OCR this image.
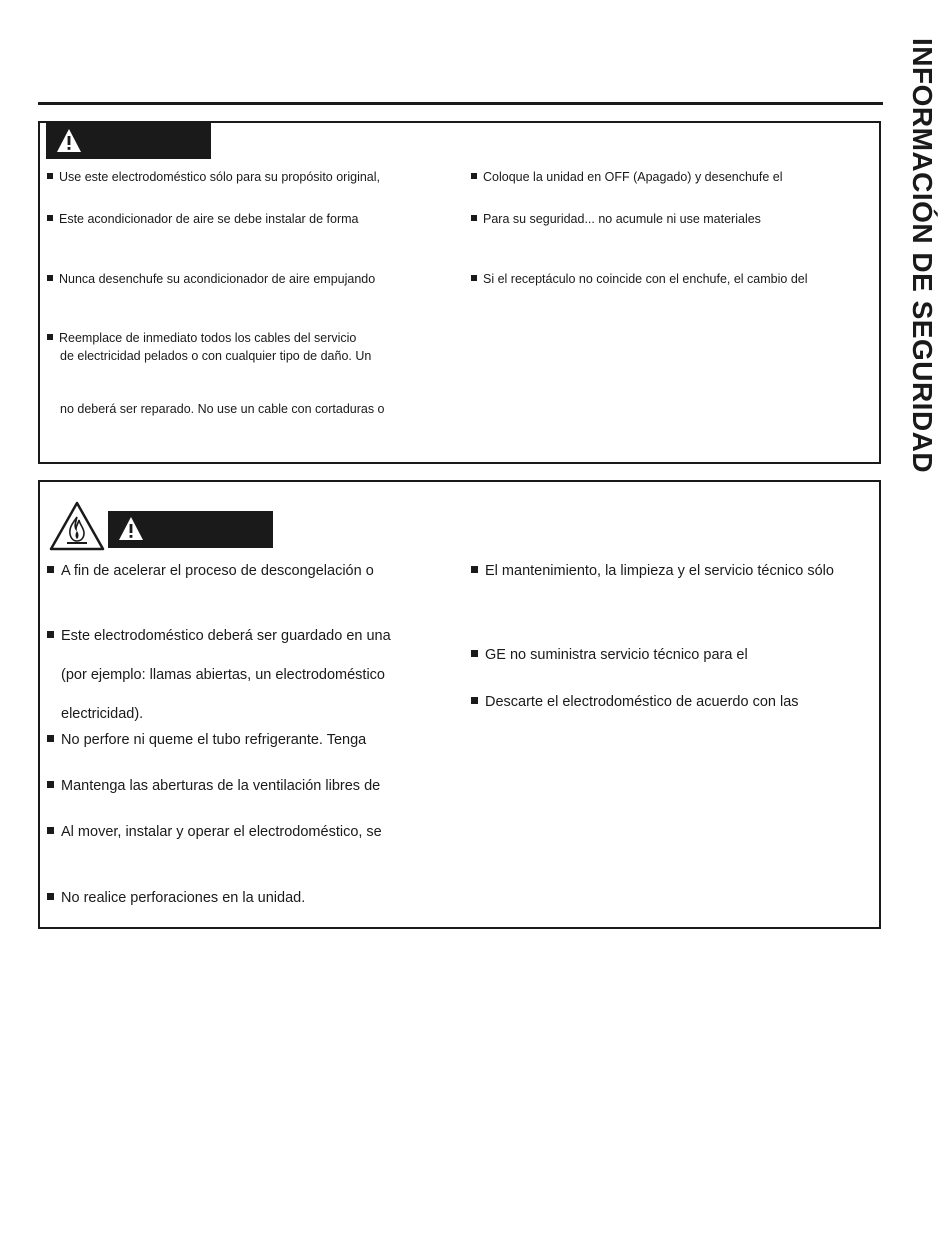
INFORMACIÓN DE SEGURIDAD
Use este electrodoméstico sólo para su propósito original,
Este acondicionador de aire se debe instalar de forma
Nunca desenchufe su acondicionador de aire empujando
Reemplace de inmediato todos los cables del servicio
de electricidad pelados o con cualquier tipo de daño. Un
no deberá ser reparado. No use un cable con cortaduras o
Coloque la unidad en OFF (Apagado) y desenchufe el
Para su seguridad... no acumule ni use materiales
Si el receptáculo no coincide con el enchufe, el cambio del
A fin de acelerar el proceso de descongelación o
Este electrodoméstico deberá ser guardado en una
(por ejemplo: llamas abiertas, un electrodoméstico
electricidad).
No perfore ni queme el tubo refrigerante. Tenga
Mantenga las aberturas de la ventilación libres de
Al mover, instalar y operar el electrodoméstico, se
No realice perforaciones en la unidad.
El mantenimiento, la limpieza y el servicio técnico sólo
GE no suministra servicio técnico para el
Descarte el electrodoméstico de acuerdo con las
